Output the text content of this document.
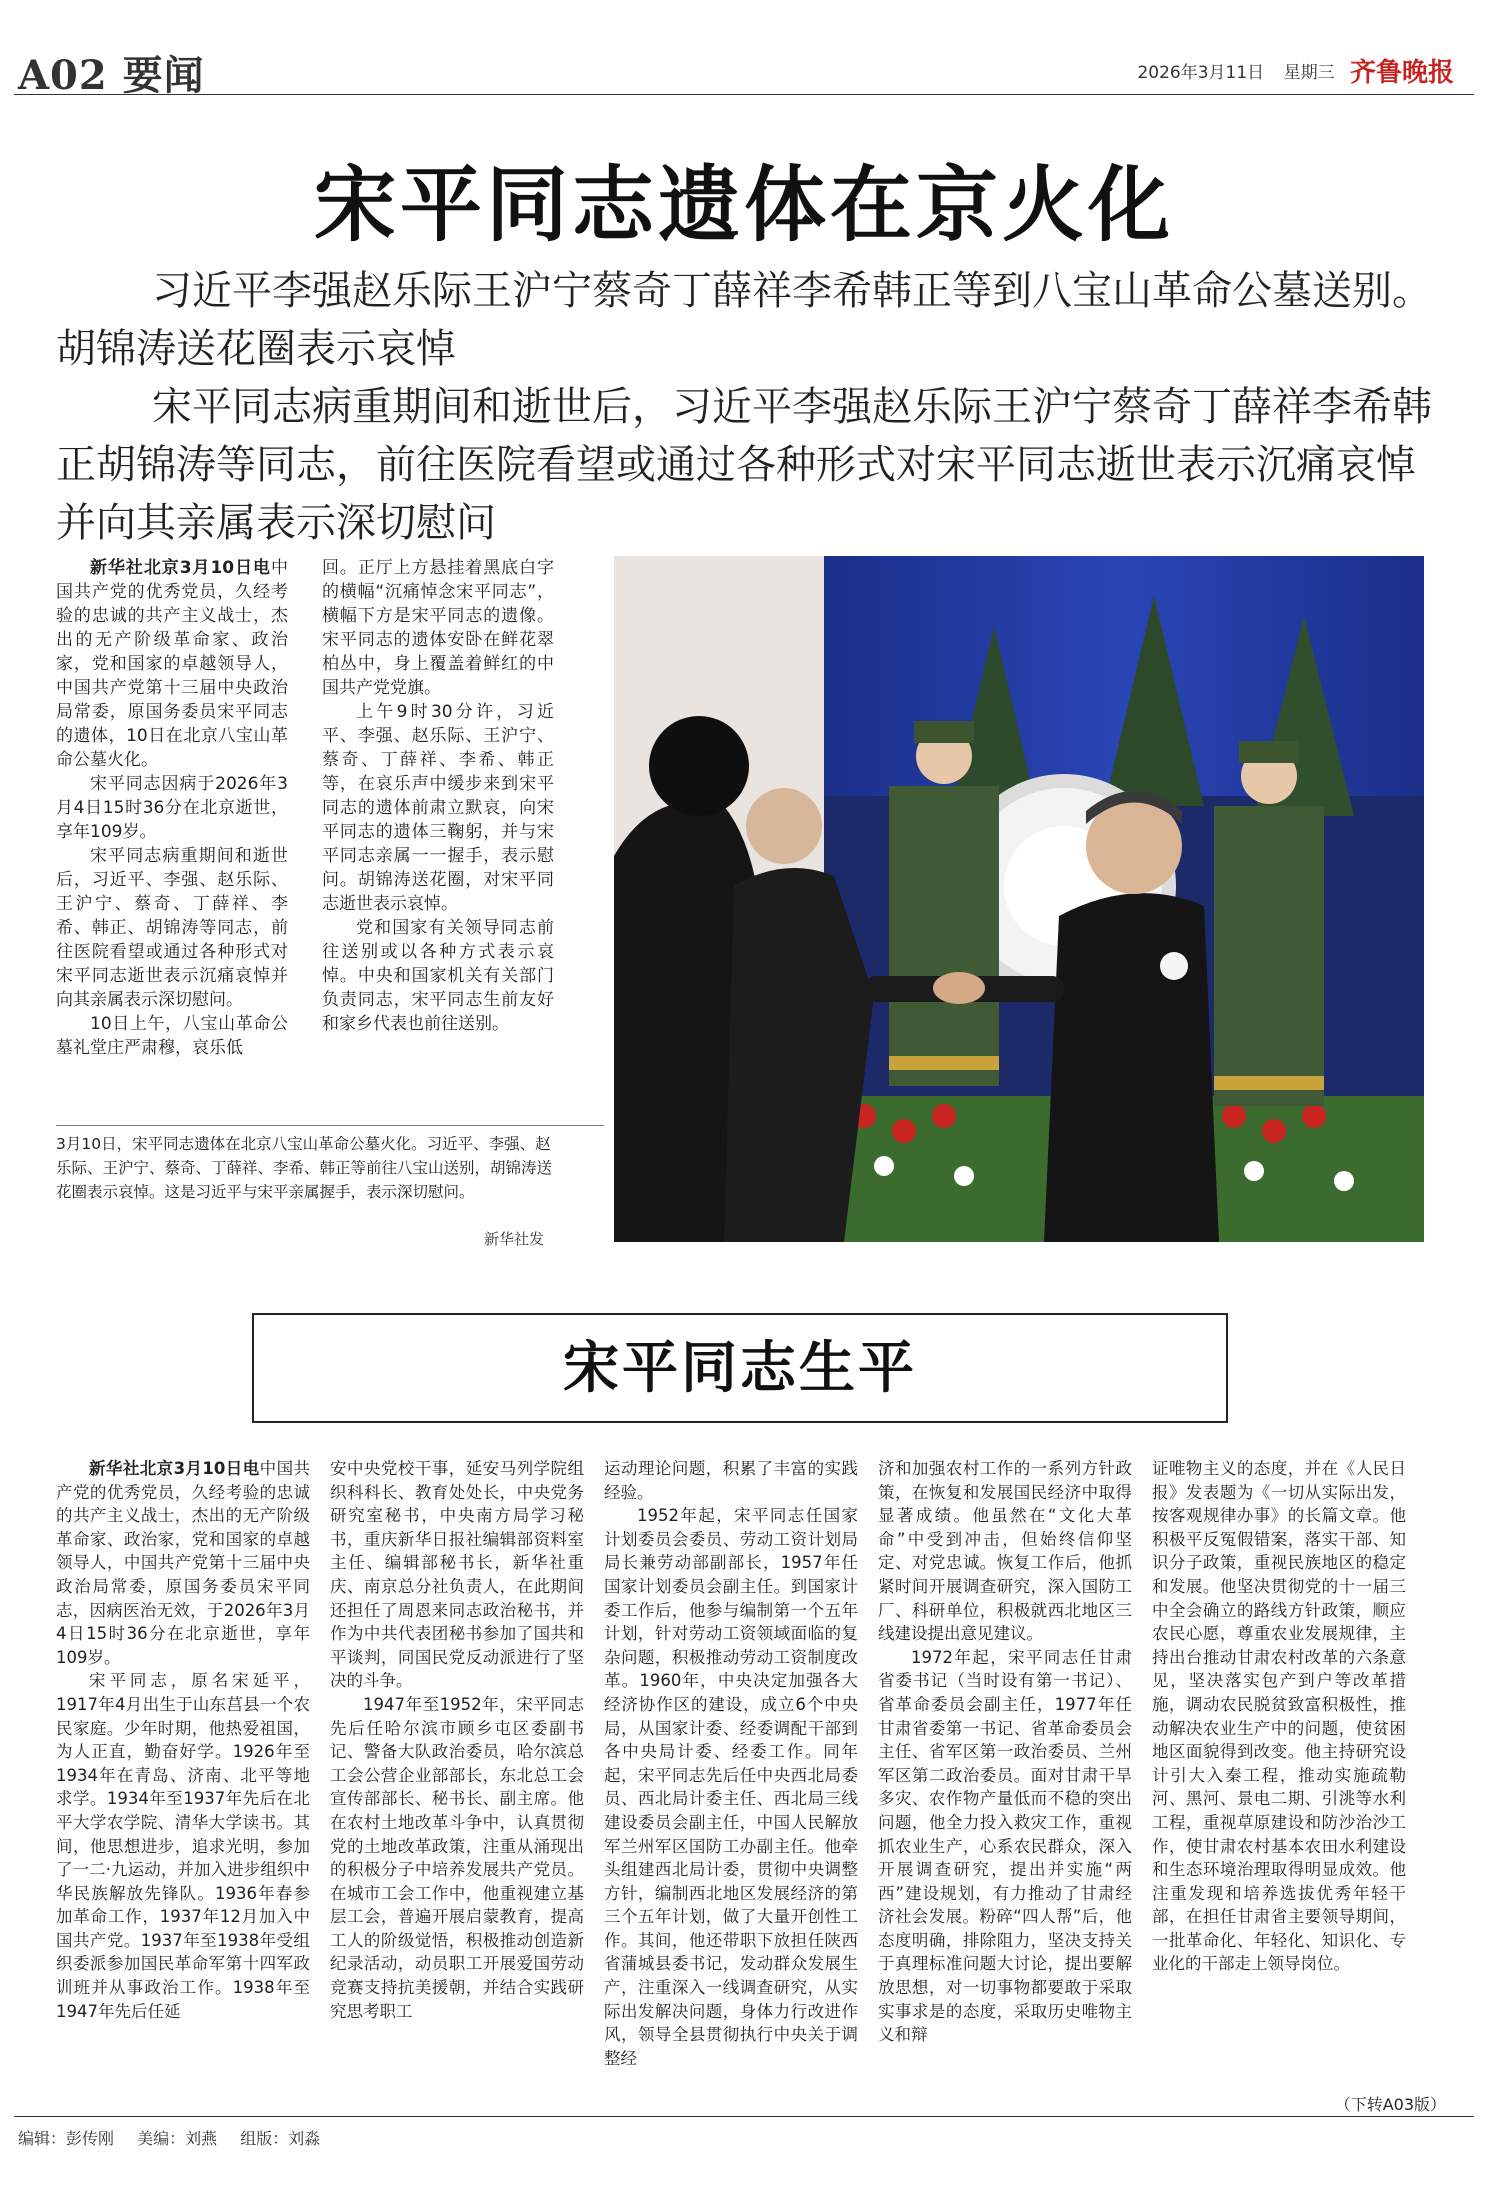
A02 要闻	2026年3月11日 星期三 齐鲁晚报
宋平同志遗体在京火化

习近平李强赵乐际王沪宁蔡奇丁薛祥李希韩正等到八宝山革命公墓送别。胡锦涛送花圈表示哀悼

宋平同志病重期间和逝世后，习近平李强赵乐际王沪宁蔡奇丁薛祥李希韩正胡锦涛等同志，前往医院看望或通过各种形式对宋平同志逝世表示沉痛哀悼并向其亲属表示深切慰问

新华社北京3月10日电中国共产党的优秀党员，久经考验的忠诚的共产主义战士，杰出的无产阶级革命家、政治家，党和国家的卓越领导人，中国共产党第十三届中央政治局常委，原国务委员宋平同志的遗体，10日在北京八宝山革命公墓火化。

宋平同志因病于2026年3月4日15时36分在北京逝世，享年109岁。

宋平同志病重期间和逝世后，习近平、李强、赵乐际、王沪宁、蔡奇、丁薛祥、李希、韩正、胡锦涛等同志，前往医院看望或通过各种形式对宋平同志逝世表示沉痛哀悼并向其亲属表示深切慰问。

10日上午，八宝山革命公墓礼堂庄严肃穆，哀乐低

回。正厅上方悬挂着黑底白字的横幅“沉痛悼念宋平同志”，横幅下方是宋平同志的遗像。宋平同志的遗体安卧在鲜花翠柏丛中，身上覆盖着鲜红的中国共产党党旗。

上午9时30分许，习近平、李强、赵乐际、王沪宁、蔡奇、丁薛祥、李希、韩正等，在哀乐声中缓步来到宋平同志的遗体前肃立默哀，向宋平同志的遗体三鞠躬，并与宋平同志亲属一一握手，表示慰问。胡锦涛送花圈，对宋平同志逝世表示哀悼。

党和国家有关领导同志前往送别或以各种方式表示哀悼。中央和国家机关有关部门负责同志，宋平同志生前友好和家乡代表也前往送别。

3月10日，宋平同志遗体在北京八宝山革命公墓火化。习近平、李强、赵乐际、王沪宁、蔡奇、丁薛祥、李希、韩正等前往八宝山送别，胡锦涛送花圈表示哀悼。这是习近平与宋平亲属握手，表示深切慰问。
新华社发
宋平同志生平

新华社北京3月10日电中国共产党的优秀党员，久经考验的忠诚的共产主义战士，杰出的无产阶级革命家、政治家，党和国家的卓越领导人，中国共产党第十三届中央政治局常委，原国务委员宋平同志，因病医治无效，于2026年3月4日15时36分在北京逝世，享年109岁。

宋平同志，原名宋延平，1917年4月出生于山东莒县一个农民家庭。少年时期，他热爱祖国，为人正直，勤奋好学。1926年至1934年在青岛、济南、北平等地求学。1934年至1937年先后在北平大学农学院、清华大学读书。其间，他思想进步，追求光明，参加了一二·九运动，并加入进步组织中华民族解放先锋队。1936年春参加革命工作，1937年12月加入中国共产党。1937年至1938年受组织委派参加国民革命军第十四军政训班并从事政治工作。1938年至1947年先后任延

安中央党校干事，延安马列学院组织科科长、教育处处长，中央党务研究室秘书，中央南方局学习秘书，重庆新华日报社编辑部资料室主任、编辑部秘书长，新华社重庆、南京总分社负责人，在此期间还担任了周恩来同志政治秘书，并作为中共代表团秘书参加了国共和平谈判，同国民党反动派进行了坚决的斗争。

1947年至1952年，宋平同志先后任哈尔滨市顾乡屯区委副书记、警备大队政治委员，哈尔滨总工会公营企业部部长，东北总工会宣传部部长、秘书长、副主席。他在农村土地改革斗争中，认真贯彻党的土地改革政策，注重从涌现出的积极分子中培养发展共产党员。在城市工会工作中，他重视建立基层工会，普遍开展启蒙教育，提高工人的阶级觉悟，积极推动创造新纪录活动，动员职工开展爱国劳动竞赛支持抗美援朝，并结合实践研究思考职工

运动理论问题，积累了丰富的实践经验。

1952年起，宋平同志任国家计划委员会委员、劳动工资计划局局长兼劳动部副部长，1957年任国家计划委员会副主任。到国家计委工作后，他参与编制第一个五年计划，针对劳动工资领域面临的复杂问题，积极推动劳动工资制度改革。1960年，中央决定加强各大经济协作区的建设，成立6个中央局，从国家计委、经委调配干部到各中央局计委、经委工作。同年起，宋平同志先后任中央西北局委员、西北局计委主任、西北局三线建设委员会副主任，中国人民解放军兰州军区国防工办副主任。他牵头组建西北局计委，贯彻中央调整方针，编制西北地区发展经济的第三个五年计划，做了大量开创性工作。其间，他还带职下放担任陕西省蒲城县委书记，发动群众发展生产，注重深入一线调查研究，从实际出发解决问题，身体力行改进作风，领导全县贯彻执行中央关于调整经

济和加强农村工作的一系列方针政策，在恢复和发展国民经济中取得显著成绩。他虽然在“文化大革命”中受到冲击，但始终信仰坚定、对党忠诚。恢复工作后，他抓紧时间开展调查研究，深入国防工厂、科研单位，积极就西北地区三线建设提出意见建议。

1972年起，宋平同志任甘肃省委书记（当时设有第一书记）、省革命委员会副主任，1977年任甘肃省委第一书记、省革命委员会主任、省军区第一政治委员、兰州军区第二政治委员。面对甘肃干旱多灾、农作物产量低而不稳的突出问题，他全力投入救灾工作，重视抓农业生产，心系农民群众，深入开展调查研究，提出并实施“两西”建设规划，有力推动了甘肃经济社会发展。粉碎“四人帮”后，他态度明确，排除阻力，坚决支持关于真理标准问题大讨论，提出要解放思想，对一切事物都要敢于采取实事求是的态度，采取历史唯物主义和辩

证唯物主义的态度，并在《人民日报》发表题为《一切从实际出发，按客观规律办事》的长篇文章。他积极平反冤假错案，落实干部、知识分子政策，重视民族地区的稳定和发展。他坚决贯彻党的十一届三中全会确立的路线方针政策，顺应农民心愿，尊重农业发展规律，主持出台推动甘肃农村改革的六条意见，坚决落实包产到户等改革措施，调动农民脱贫致富积极性，推动解决农业生产中的问题，使贫困地区面貌得到改变。他主持研究设计引大入秦工程，推动实施疏勒河、黑河、景电二期、引洮等水利工程，重视草原建设和防沙治沙工作，使甘肃农村基本农田水利建设和生态环境治理取得明显成效。他注重发现和培养选拔优秀年轻干部，在担任甘肃省主要领导期间，一批革命化、年轻化、知识化、专业化的干部走上领导岗位。

（下转A03版）
编辑：彭传刚 美编：刘燕 组版：刘淼
